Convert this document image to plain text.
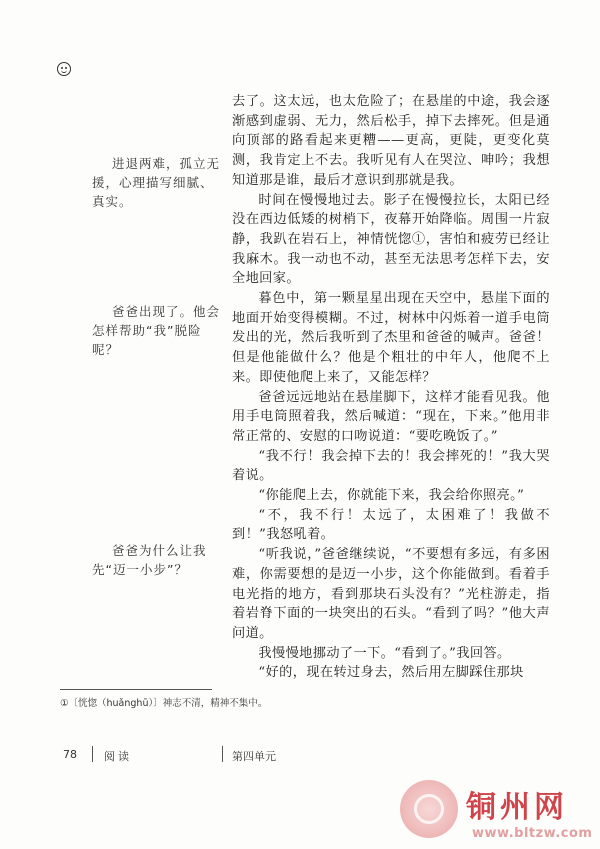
进退两难，孤立无援，心理描写细腻、真实。
爸爸出现了。他会怎样帮助“我”脱险呢？
爸爸为什么让我先“迈一小步”？

去了。这太远，也太危险了；在悬崖的中途，我会逐渐感到虚弱、无力，然后松手，掉下去摔死。但是通向顶部的路看起来更糟——更高，更陡，更变化莫测，我肯定上不去。我听见有人在哭泣、呻吟；我想知道那是谁，最后才意识到那就是我。

时间在慢慢地过去。影子在慢慢拉长，太阳已经没在西边低矮的树梢下，夜幕开始降临。周围一片寂静，我趴在岩石上，神情恍惚①，害怕和疲劳已经让我麻木。我一动也不动，甚至无法思考怎样下去，安全地回家。

暮色中，第一颗星星出现在天空中，悬崖下面的地面开始变得模糊。不过，树林中闪烁着一道手电筒发出的光，然后我听到了杰里和爸爸的喊声。爸爸！但是他能做什么？他是个粗壮的中年人，他爬不上来。即使他爬上来了，又能怎样？

爸爸远远地站在悬崖脚下，这样才能看见我。他用手电筒照着我，然后喊道：“现在，下来。”他用非常正常的、安慰的口吻说道：“要吃晚饭了。”

“我不行！我会掉下去的！我会摔死的！”我大哭着说。

“你能爬上去，你就能下来，我会给你照亮。”

“不，我不行！太远了，太困难了！我做不到！”我怒吼着。

“听我说，”爸爸继续说，“不要想有多远，有多困难，你需要想的是迈一小步，这个你能做到。看着手电光指的地方，看到那块石头没有？”光柱游走，指着岩脊下面的一块突出的石头。“看到了吗？”他大声问道。

我慢慢地挪动了一下。“看到了。”我回答。

“好的，现在转过身去，然后用左脚踩住那块

①〔恍惚（huǎnghū）〕神志不清，精神不集中。
78 阅读	第四单元
铜州网
www.bltzw.com
